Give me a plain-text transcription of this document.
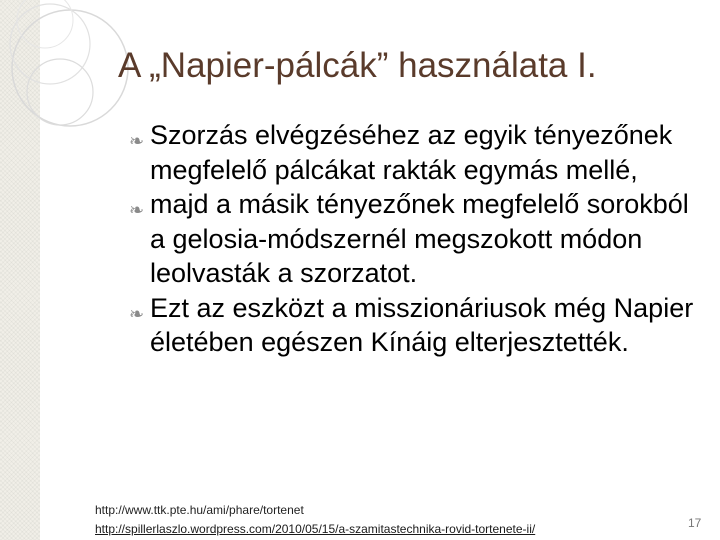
A „Napier-pálcák” használata I.
❧ Szorzás elvégzéséhez az egyik tényezőnek megfelelő pálcákat rakták egymás mellé,
❧ majd a másik tényezőnek megfelelő sorokból a gelosia-módszernél megszokott módon leolvasták a szorzatot.
❧ Ezt az eszközt a misszionáriusok még Napier életében egészen Kínáig elterjesztették.
http://www.ttk.pte.hu/ami/phare/tortenet
http://spillerlaszlo.wordpress.com/2010/05/15/a-szamitastechnika-rovid-tortenete-ii/	17
